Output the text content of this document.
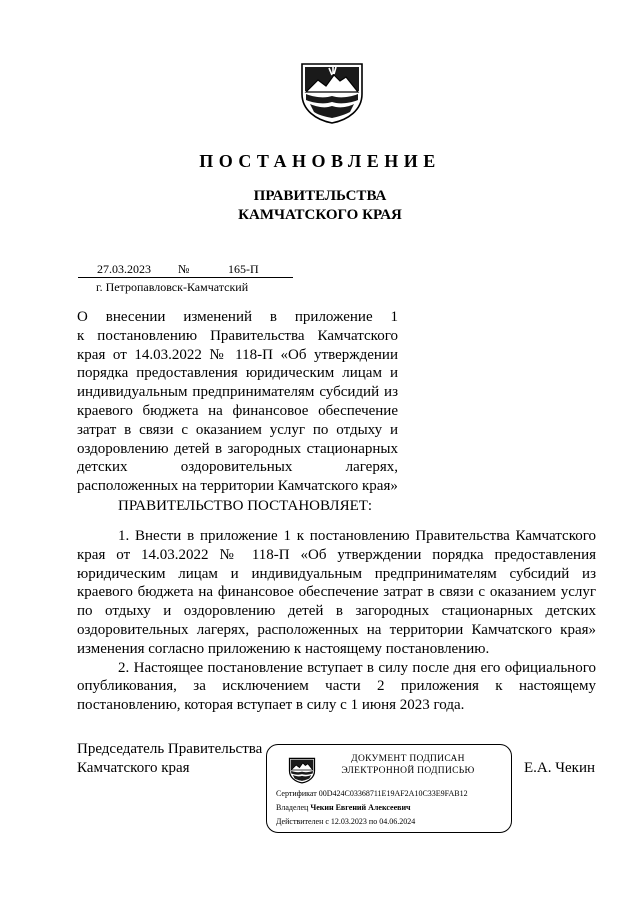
ПОСТАНОВЛЕНИЕ
ПРАВИТЕЛЬСТВА
КАМЧАТСКОГО КРАЯ
27.03.2023 №	165-П
г. Петропавловск-Камчатский
О внесении изменений в приложение 1
к постановлению Правительства Камчатского
края от 14.03.2022 № 118-П «Об утверждении
порядка предоставления юридическим лицам и
индивидуальным предпринимателям субсидий из
краевого бюджета на финансовое обеспечение
затрат в связи с оказанием услуг по отдыху и
оздоровлению детей в загородных стационарных
детских оздоровительных лагерях,
расположенных на территории Камчатского края»
ПРАВИТЕЛЬСТВО ПОСТАНОВЛЯЕТ:
1. Внести в приложение 1 к постановлению Правительства Камчатского
края от 14.03.2022 № 118-П «Об утверждении порядка предоставления
юридическим лицам и индивидуальным предпринимателям субсидий из
краевого бюджета на финансовое обеспечение затрат в связи с оказанием услуг
по отдыху и оздоровлению детей в загородных стационарных детских
оздоровительных лагерях, расположенных на территории Камчатского края»
изменения согласно приложению к настоящему постановлению.
2. Настоящее постановление вступает в силу после дня его официального
опубликования, за исключением части 2 приложения к настоящему
постановлению, которая вступает в силу с 1 июня 2023 года.
Председатель Правительства
Камчатского края	Е.А. Чекин
ДОКУМЕНТ ПОДПИСАН
ЭЛЕКТРОННОЙ ПОДПИСЬЮ
Сертификат 00D424C03368711E19AF2A10C33E9FAB12
Владелец Чекин Евгений Алексеевич
Действителен с 12.03.2023 по 04.06.2024
